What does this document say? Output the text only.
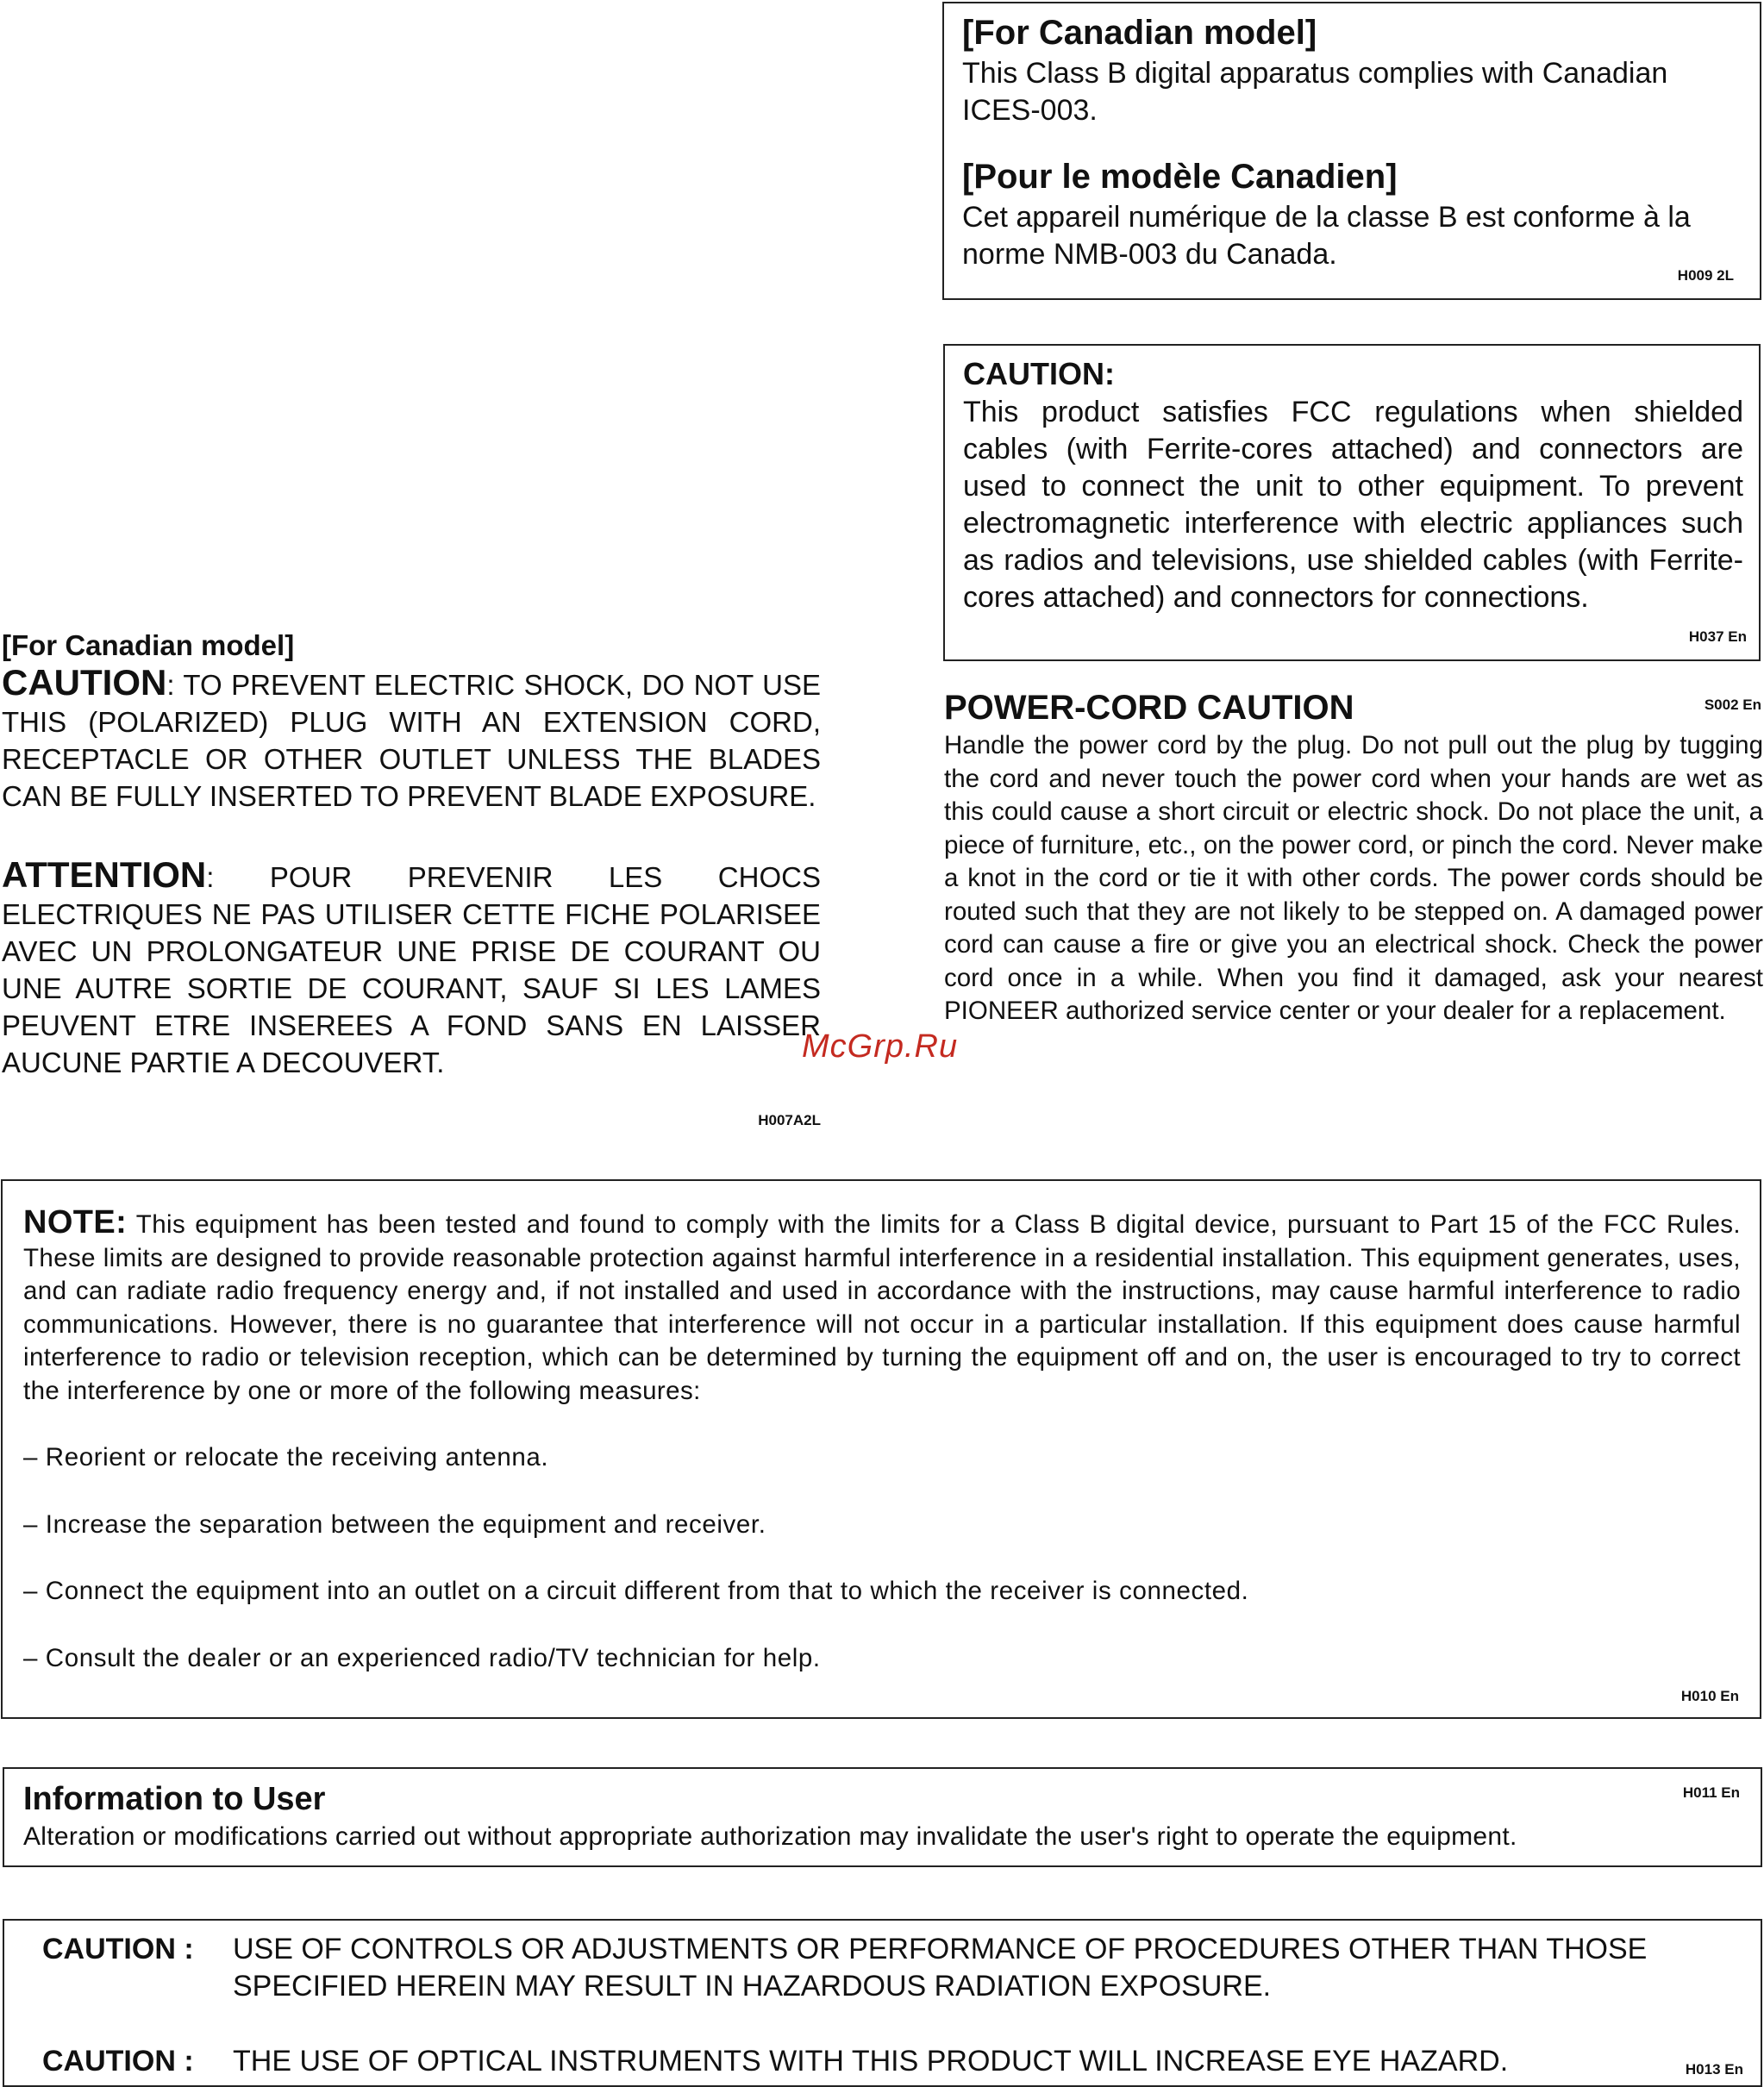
[For Canadian model]

This Class B digital apparatus complies with Canadian ICES-003.

[Pour le modèle Canadien]

Cet appareil numérique de la classe B est conforme à la norme NMB-003 du Canada.

H009 2L

CAUTION:

This product satisfies FCC regulations when shielded cables (with Ferrite-cores attached) and connectors are used to connect the unit to other equipment. To prevent electromagnetic interference with electric appliances such as radios and televisions, use shielded cables (with Ferrite-cores attached) and connectors for connections.

H037 En

POWER-CORD CAUTION	S002 En

Handle the power cord by the plug. Do not pull out the plug by tugging the cord and never touch the power cord when your hands are wet as this could cause a short circuit or electric shock. Do not place the unit, a piece of furniture, etc., on the power cord, or pinch the cord. Never make a knot in the cord or tie it with other cords. The power cords should be routed such that they are not likely to be stepped on. A damaged power cord can cause a fire or give you an electrical shock. Check the power cord once in a while. When you find it damaged, ask your nearest PIONEER authorized service center or your dealer for a replacement.

[For Canadian model]

CAUTION: TO PREVENT ELECTRIC SHOCK, DO NOT USE THIS (POLARIZED) PLUG WITH AN EXTENSION CORD, RECEPTACLE OR OTHER OUTLET UNLESS THE BLADES CAN BE FULLY INSERTED TO PREVENT BLADE EXPOSURE.

ATTENTION: POUR PREVENIR LES CHOCS ELECTRIQUES NE PAS UTILISER CETTE FICHE POLARISEE AVEC UN PROLONGATEUR UNE PRISE DE COURANT OU UNE AUTRE SORTIE DE COURANT, SAUF SI LES LAMES PEUVENT ETRE INSEREES A FOND SANS EN LAISSER AUCUNE PARTIE A DECOUVERT.

H007A2L
McGrp.Ru

NOTE: This equipment has been tested and found to comply with the limits for a Class B digital device, pursuant to Part 15 of the FCC Rules. These limits are designed to provide reasonable protection against harmful interference in a residential installation. This equipment generates, uses, and can radiate radio frequency energy and, if not installed and used in accordance with the instructions, may cause harmful interference to radio communications. However, there is no guarantee that interference will not occur in a particular installation. If this equipment does cause harmful interference to radio or television reception, which can be determined by turning the equipment off and on, the user is encouraged to try to correct the interference by one or more of the following measures:

– Reorient or relocate the receiving antenna.
– Increase the separation between the equipment and receiver.
– Connect the equipment into an outlet on a circuit different from that to which the receiver is connected.
– Consult the dealer or an experienced radio/TV technician for help.
H010 En

Information to User

Alteration or modifications carried out without appropriate authorization may invalidate the user's right to operate the equipment.

H011 En
CAUTION :	USE OF CONTROLS OR ADJUSTMENTS OR PERFORMANCE OF PROCEDURES OTHER THAN THOSE SPECIFIED HEREIN MAY RESULT IN HAZARDOUS RADIATION EXPOSURE.
CAUTION :	THE USE OF OPTICAL INSTRUMENTS WITH THIS PRODUCT WILL INCREASE EYE HAZARD.	H013 En
